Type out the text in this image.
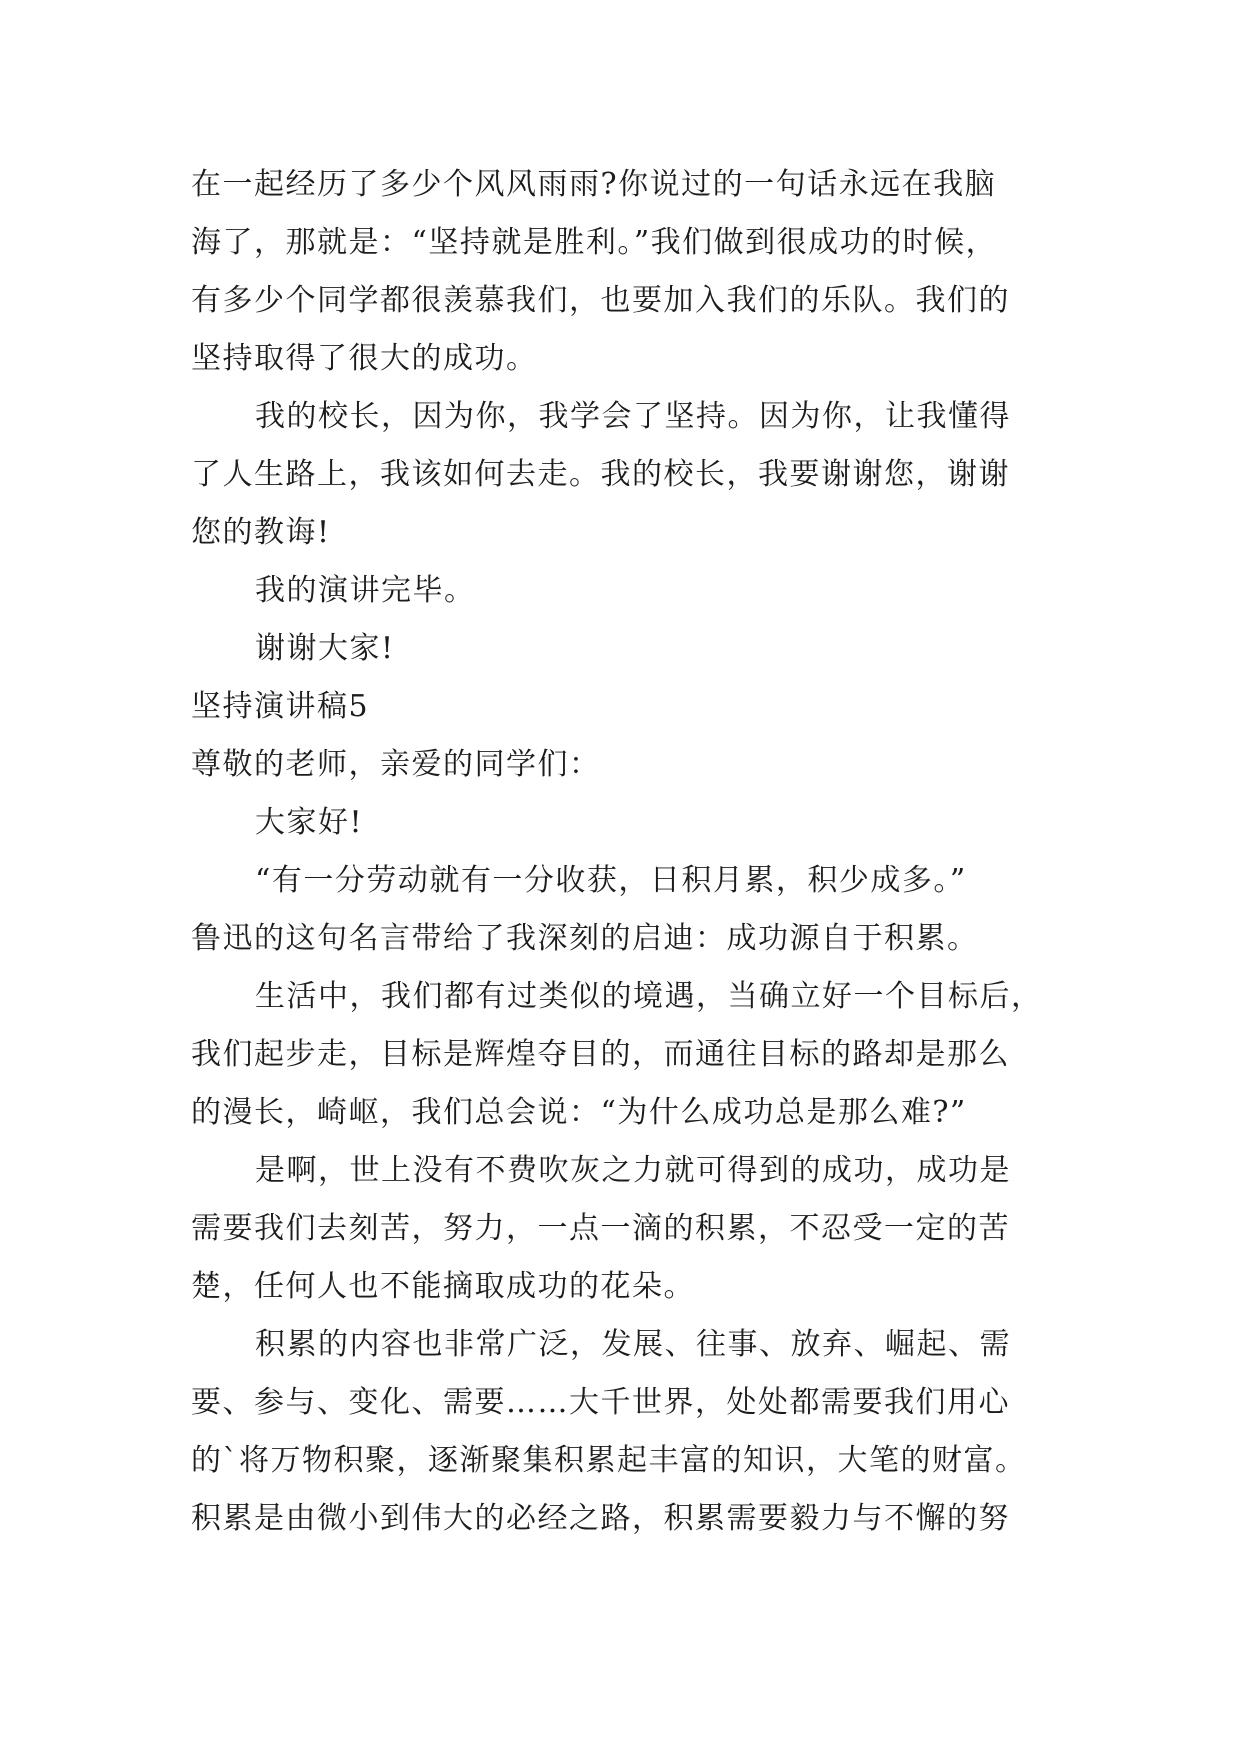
在一起经历了多少个风风雨雨?你说过的一句话永远在我脑
海了，那就是：“坚持就是胜利。”我们做到很成功的时候，
有多少个同学都很羡慕我们，也要加入我们的乐队。我们的
坚持取得了很大的成功。
我的校长，因为你，我学会了坚持。因为你，让我懂得
了人生路上，我该如何去走。我的校长，我要谢谢您，谢谢
您的教诲!
我的演讲完毕。
谢谢大家!
坚持演讲稿5
尊敬的老师，亲爱的同学们：
大家好!
“有一分劳动就有一分收获，日积月累，积少成多。”
鲁迅的这句名言带给了我深刻的启迪：成功源自于积累。
生活中，我们都有过类似的境遇，当确立好一个目标后，
我们起步走，目标是辉煌夺目的，而通往目标的路却是那么
的漫长，崎岖，我们总会说：“为什么成功总是那么难?”
是啊，世上没有不费吹灰之力就可得到的成功，成功是
需要我们去刻苦，努力，一点一滴的积累，不忍受一定的苦
楚，任何人也不能摘取成功的花朵。
积累的内容也非常广泛，发展、往事、放弃、崛起、需
要、参与、变化、需要……大千世界，处处都需要我们用心
的`将万物积聚，逐渐聚集积累起丰富的知识，大笔的财富。
积累是由微小到伟大的必经之路，积累需要毅力与不懈的努
